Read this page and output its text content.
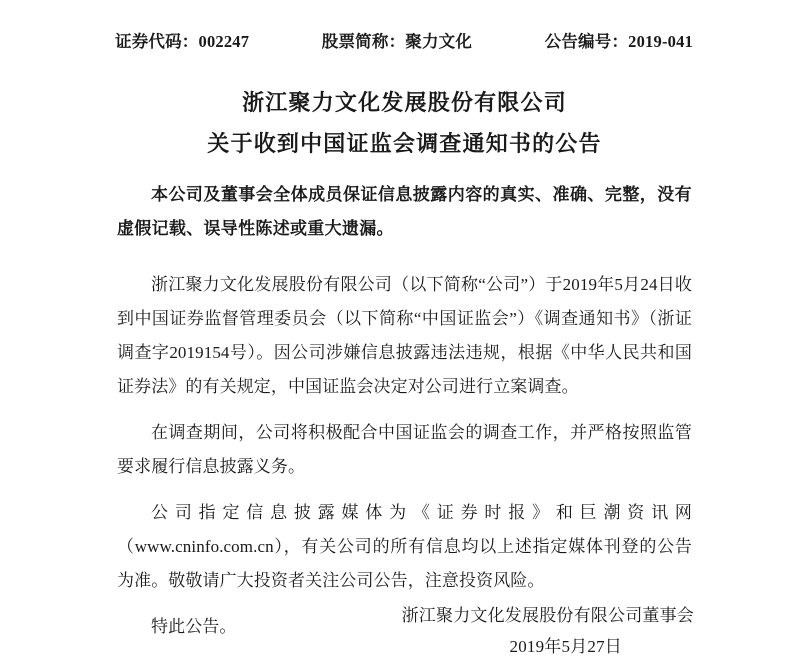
证券代码：002247	股票简称：聚力文化	公告编号：2019-041
浙江聚力文化发展股份有限公司
关于收到中国证监会调查通知书的公告

本公司及董事会全体成员保证信息披露内容的真实、准确、完整，没有虚假记载、误导性陈述或重大遗漏。

浙江聚力文化发展股份有限公司（以下简称“公司”）于2019年5月24日收到中国证券监督管理委员会（以下简称“中国证监会”）《调查通知书》（浙证调查字2019154号）。因公司涉嫌信息披露违法违规，根据《中华人民共和国证券法》的有关规定，中国证监会决定对公司进行立案调查。

在调查期间，公司将积极配合中国证监会的调查工作，并严格按照监管要求履行信息披露义务。

公司指定信息披露媒体为《证券时报》和巨潮资讯网（www.cninfo.com.cn），有关公司的所有信息均以上述指定媒体刊登的公告为准。敬敬请广大投资者关注公司公告，注意投资风险。

特此公告。

浙江聚力文化发展股份有限公司董事会
2019年5月27日
